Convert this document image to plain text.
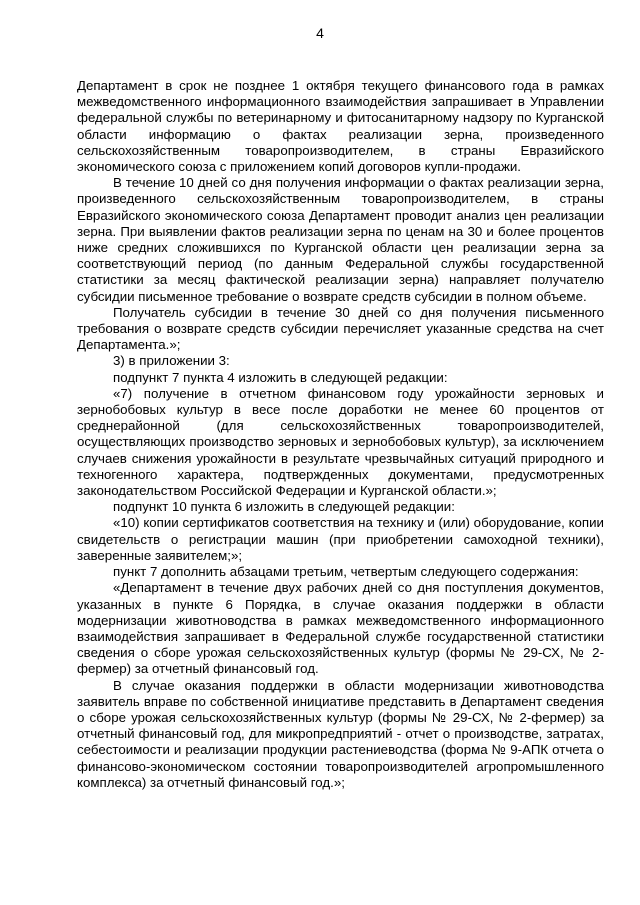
4

Департамент в срок не позднее 1 октября текущего финансового года в рамках межведомственного информационного взаимодействия запрашивает в Управлении федеральной службы по ветеринарному и фитосанитарному надзору по Курганской области информацию о фактах реализации зерна, произведенного сельскохозяйственным товаропроизводителем, в страны Евразийского экономического союза с приложением копий договоров купли-продажи.

В течение 10 дней со дня получения информации о фактах реализации зерна, произведенного сельскохозяйственным товаропроизводителем, в страны Евразийского экономического союза Департамент проводит анализ цен реализации зерна. При выявлении фактов реализации зерна по ценам на 30 и более процентов ниже средних сложившихся по Курганской области цен реализации зерна за соответствующий период (по данным Федеральной службы государственной статистики за месяц фактической реализации зерна) направляет получателю субсидии письменное требование о возврате средств субсидии в полном объеме.

Получатель субсидии в течение 30 дней со дня получения письменного требования о возврате средств субсидии перечисляет указанные средства на счет Департамента.»;

3) в приложении 3:

подпункт 7 пункта 4 изложить в следующей редакции:

«7) получение в отчетном финансовом году урожайности зерновых и зернобобовых культур в весе после доработки не менее 60 процентов от среднерайонной (для сельскохозяйственных товаропроизводителей, осуществляющих производство зерновых и зернобобовых культур), за исключением случаев снижения урожайности в результате чрезвычайных ситуаций природного и техногенного характера, подтвержденных документами, предусмотренных законодательством Российской Федерации и Курганской области.»;

подпункт 10 пункта 6 изложить в следующей редакции:

«10) копии сертификатов соответствия на технику и (или) оборудование, копии свидетельств о регистрации машин (при приобретении самоходной техники), заверенные заявителем;»;

пункт 7 дополнить абзацами третьим, четвертым следующего содержания:

«Департамент в течение двух рабочих дней со дня поступления документов, указанных в пункте 6 Порядка, в случае оказания поддержки в области модернизации животноводства в рамках межведомственного информационного взаимодействия запрашивает в Федеральной службе государственной статистики сведения о сборе урожая сельскохозяйственных культур (формы № 29-СХ, № 2-фермер) за отчетный финансовый год.

В случае оказания поддержки в области модернизации животноводства заявитель вправе по собственной инициативе представить в Департамент сведения о сборе урожая сельскохозяйственных культур (формы № 29-СХ, № 2-фермер) за отчетный финансовый год, для микропредприятий - отчет о производстве, затратах, себестоимости и реализации продукции растениеводства (форма № 9-АПК отчета о финансово-экономическом состоянии товаропроизводителей агропромышленного комплекса) за отчетный финансовый год.»;
